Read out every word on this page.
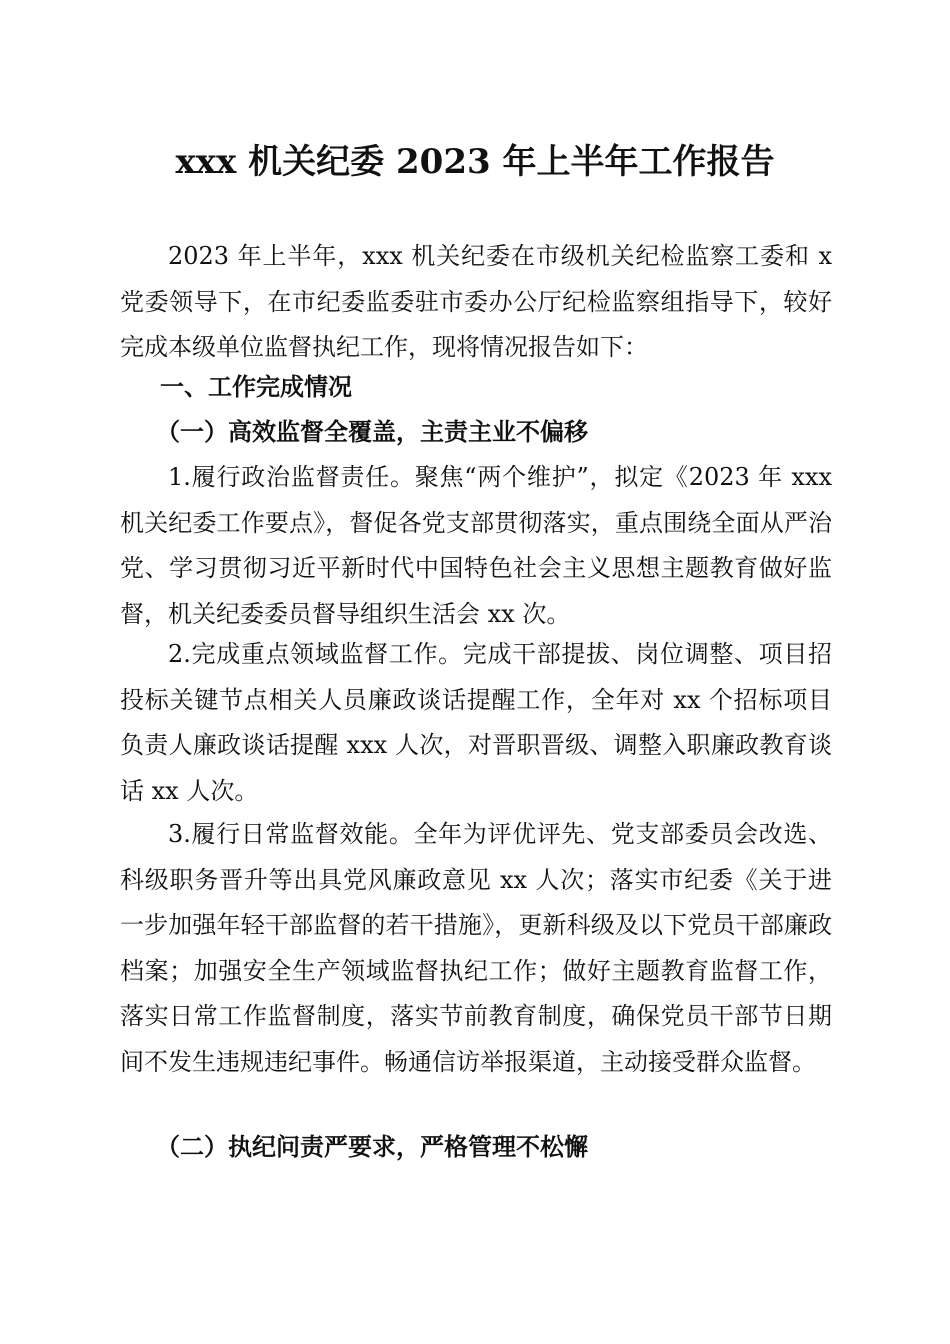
xxx 机关纪委 2023 年上半年工作报告

2023 年上半年，xxx 机关纪委在市级机关纪检监察工委和 x 党委领导下，在市纪委监委驻市委办公厅纪检监察组指导下，较好完成本级单位监督执纪工作，现将情况报告如下：

一、工作完成情况

（一）高效监督全覆盖，主责主业不偏移

1.履行政治监督责任。聚焦“两个维护”，拟定《2023 年 xxx 机关纪委工作要点》，督促各党支部贯彻落实，重点围绕全面从严治党、学习贯彻习近平新时代中国特色社会主义思想主题教育做好监督，机关纪委委员督导组织生活会 xx 次。

2.完成重点领域监督工作。完成干部提拔、岗位调整、项目招投标关键节点相关人员廉政谈话提醒工作，全年对 xx 个招标项目负责人廉政谈话提醒 xxx 人次，对晋职晋级、调整入职廉政教育谈话 xx 人次。

3.履行日常监督效能。全年为评优评先、党支部委员会改选、科级职务晋升等出具党风廉政意见 xx 人次；落实市纪委《关于进一步加强年轻干部监督的若干措施》，更新科级及以下党员干部廉政档案；加强安全生产领域监督执纪工作；做好主题教育监督工作，落实日常工作监督制度，落实节前教育制度，确保党员干部节日期间不发生违规违纪事件。畅通信访举报渠道，主动接受群众监督。

（二）执纪问责严要求，严格管理不松懈
